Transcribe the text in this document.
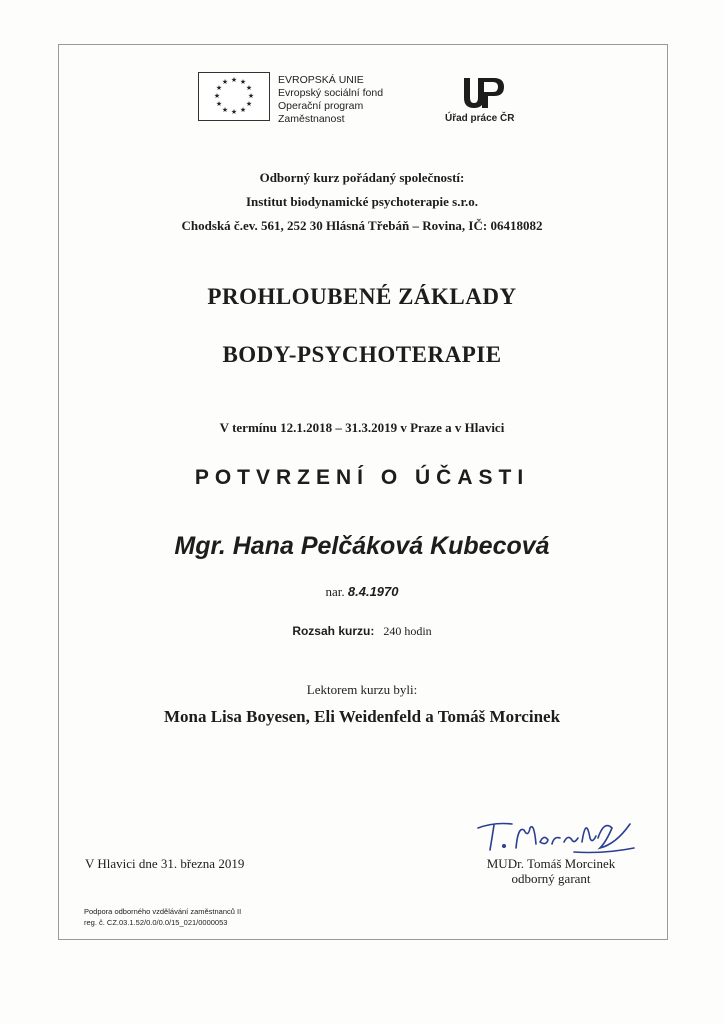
★ ★
★
★
★
★
★
★
★
★
★
★	EVROPSKÁ UNIE
Evropský sociální fond
Operační program Zaměstnanost	Úřad práce ČR
Odborný kurz pořádaný společností:
Institut biodynamické psychoterapie s.r.o.
Chodská č.ev. 561, 252 30 Hlásná Třebáň – Rovina, IČ: 06418082
PROHLOUBENÉ ZÁKLADY
BODY-PSYCHOTERAPIE
V termínu 12.1.2018 – 31.3.2019 v Praze a v Hlavici
POTVRZENÍ O ÚČASTI
Mgr. Hana Pelčáková Kubecová
nar. 8.4.1970
Rozsah kurzu: 240 hodin
Lektorem kurzu byli:
Mona Lisa Boyesen, Eli Weidenfeld a Tomáš Morcinek
V Hlavici dne 31. března 2019	MUDr. Tomáš Morcinek
odborný garant
Podpora odborného vzdělávání zaměstnanců II
reg. č. CZ.03.1.52/0.0/0.0/15_021/0000053
